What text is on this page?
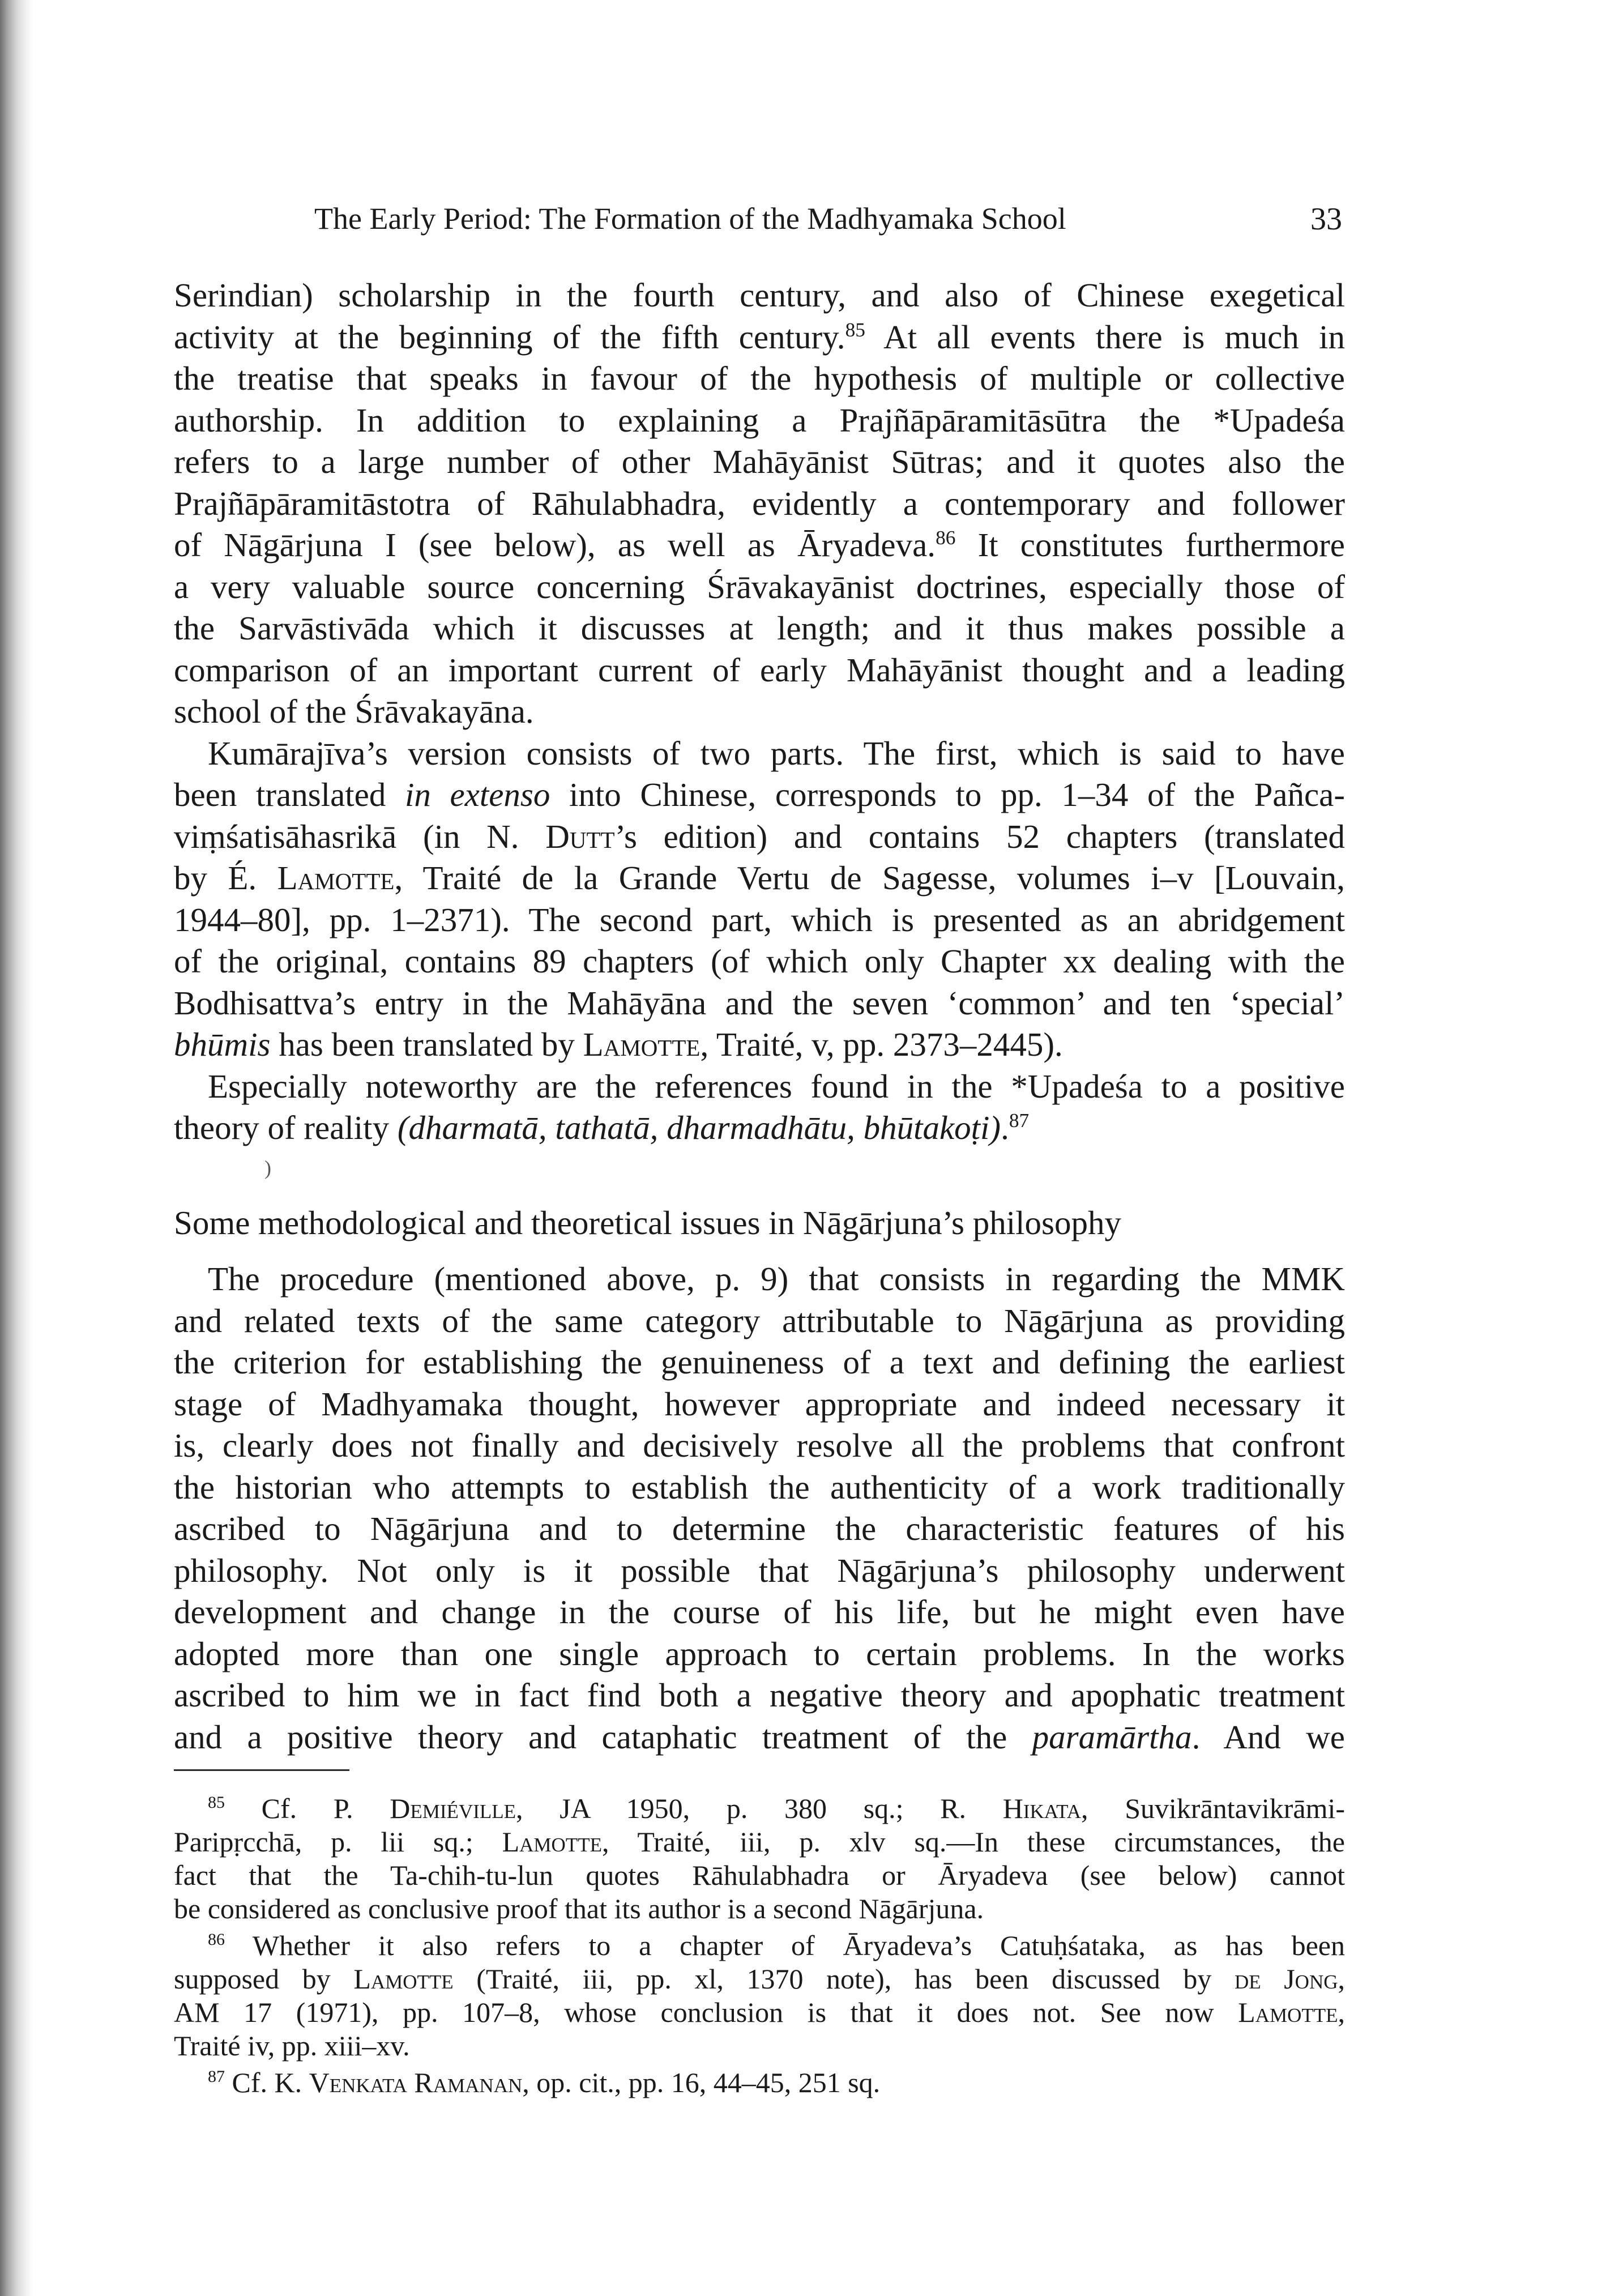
The Early Period: The Formation of the Madhyamaka School	33
Serindian) scholarship in the fourth century, and also of Chinese exegetical
activity at the beginning of the fifth century.$^{85}$ At all events there is much in
the treatise that speaks in favour of the hypothesis of multiple or collective
authorship. In addition to explaining a Prajñāpāramitāsūtra the *Upadeśa
refers to a large number of other Mahāyānist Sūtras; and it quotes also the
Prajñāpāramitāstotra of Rāhulabhadra, evidently a contemporary and follower
of Nāgārjuna I (see below), as well as Āryadeva.$^{86}$ It constitutes furthermore
a very valuable source concerning Śrāvakayānist doctrines, especially those of
the Sarvāstivāda which it discusses at length; and it thus makes possible a
comparison of an important current of early Mahāyānist thought and a leading
school of the Śrāvakayāna.
Kumārajīva’s version consists of two parts. The first, which is said to have
been translated in extenso into Chinese, corresponds to pp. 1–34 of the Pañca-
viṃśatisāhasrikā (in N. Dutt’s edition) and contains 52 chapters (translated
by É. Lamotte, Traité de la Grande Vertu de Sagesse, volumes i–v [Louvain,
1944–80], pp. 1–2371). The second part, which is presented as an abridgement
of the original, contains 89 chapters (of which only Chapter xx dealing with the
Bodhisattva’s entry in the Mahāyāna and the seven ‘common’ and ten ‘special’
bhūmis has been translated by Lamotte, Traité, v, pp. 2373–2445).
Especially noteworthy are the references found in the *Upadeśa to a positive
theory of reality (dharmatā, tathatā, dharmadhātu, bhūtakoṭi).$^{87}$
)
Some methodological and theoretical issues in Nāgārjuna’s philosophy
The procedure (mentioned above, p. 9) that consists in regarding the MMK
and related texts of the same category attributable to Nāgārjuna as providing
the criterion for establishing the genuineness of a text and defining the earliest
stage of Madhyamaka thought, however appropriate and indeed necessary it
is, clearly does not finally and decisively resolve all the problems that confront
the historian who attempts to establish the authenticity of a work traditionally
ascribed to Nāgārjuna and to determine the characteristic features of his
philosophy. Not only is it possible that Nāgārjuna’s philosophy underwent
development and change in the course of his life, but he might even have
adopted more than one single approach to certain problems. In the works
ascribed to him we in fact find both a negative theory and apophatic treatment
and a positive theory and cataphatic treatment of the paramārtha. And we
$^{85}$ Cf. P. Demiéville, JA 1950, p. 380 sq.; R. Hikata, Suvikrāntavikrāmi-
Paripṛcchā, p. lii sq.; Lamotte, Traité, iii, p. xlv sq.—In these circumstances, the
fact that the Ta-chih-tu-lun quotes Rāhulabhadra or Āryadeva (see below) cannot
be considered as conclusive proof that its author is a second Nāgārjuna.
$^{86}$ Whether it also refers to a chapter of Āryadeva’s Catuḥśataka, as has been
supposed by Lamotte (Traité, iii, pp. xl, 1370 note), has been discussed by de Jong,
AM 17 (1971), pp. 107–8, whose conclusion is that it does not. See now Lamotte,
Traité iv, pp. xiii–xv.
$^{87}$ Cf. K. Venkata Ramanan, op. cit., pp. 16, 44–45, 251 sq.
